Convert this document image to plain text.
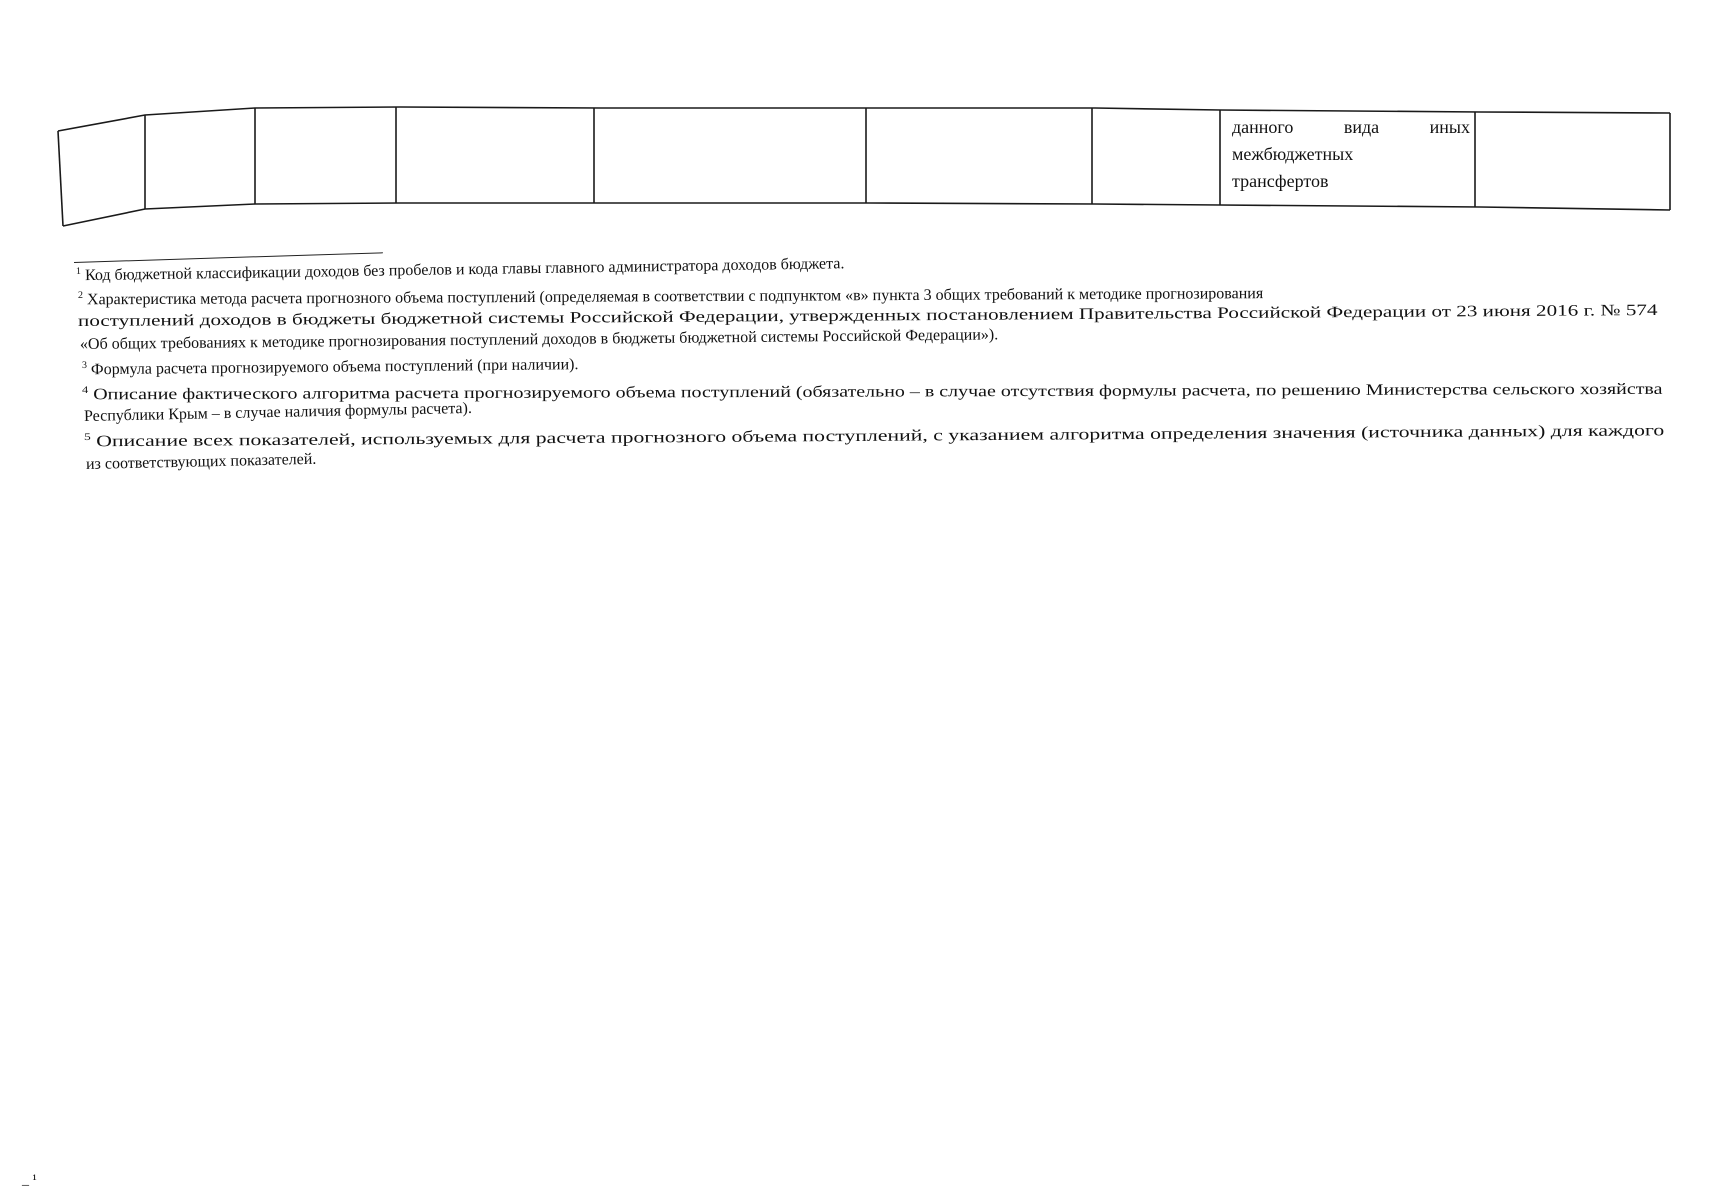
данного	вида	иных
межбюджетных
трансфертов
$^1$ Код бюджетной классификации доходов без пробелов и кода главы главного администратора доходов бюджета.
$^2$ Характеристика метода расчета прогнозного объема поступлений (определяемая в соответствии с подпунктом «в» пункта 3 общих требований к методике прогнозирования
поступлений доходов в бюджеты бюджетной системы Российской Федерации, утвержденных постановлением Правительства Российской Федерации от 23 июня 2016 г. № 574
«Об общих требованиях к методике прогнозирования поступлений доходов в бюджеты бюджетной системы Российской Федерации»).
$^3$ Формула расчета прогнозируемого объема поступлений (при наличии).
$^4$ Описание фактического алгоритма расчета прогнозируемого объема поступлений (обязательно – в случае отсутствия формулы расчета, по решению Министерства сельского хозяйства
Республики Крым – в случае наличия формулы расчета).
$^5$ Описание всех показателей, используемых для расчета прогнозного объема поступлений, с указанием алгоритма определения значения (источника данных) для каждого
из соответствующих показателей.
_ ¹
